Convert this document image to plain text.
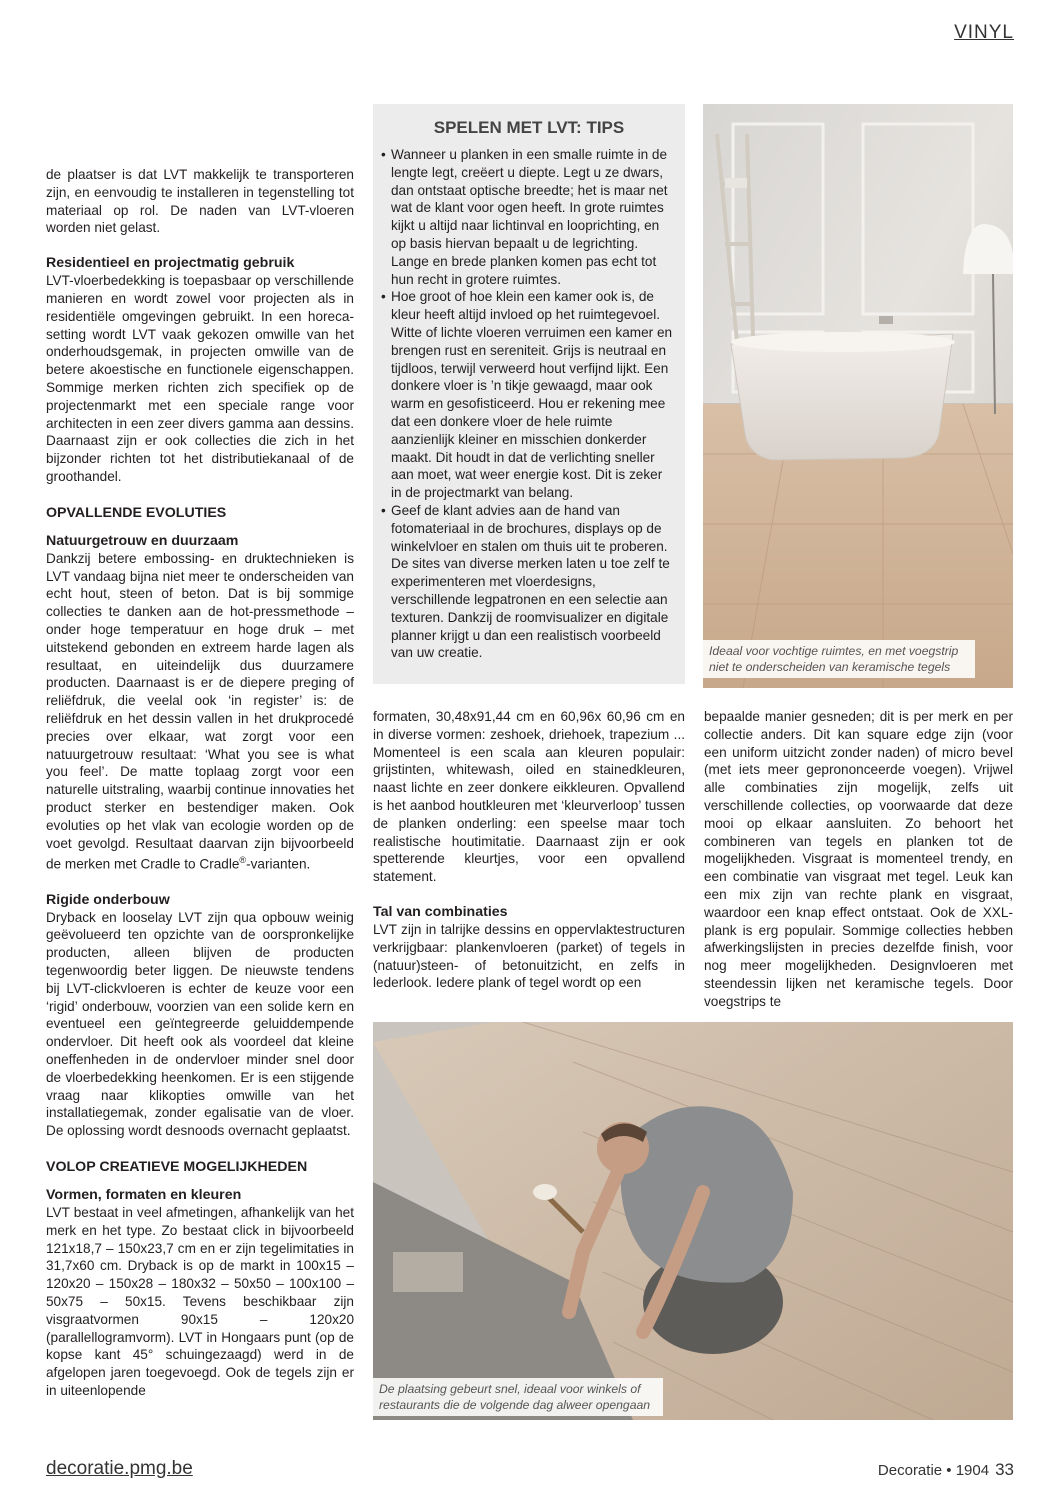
VINYL

de plaatser is dat LVT makkelijk te transporteren zijn, en eenvoudig te installeren in tegenstelling tot materiaal op rol. De naden van LVT-vloeren worden niet gelast.

Residentieel en projectmatig gebruik

LVT-vloerbedekking is toepasbaar op verschillende manieren en wordt zowel voor projecten als in residentiële omgevingen gebruikt. In een horeca-setting wordt LVT vaak gekozen omwille van het onderhoudsgemak, in projecten omwille van de betere akoestische en functionele eigenschappen. Sommige merken richten zich specifiek op de projectenmarkt met een speciale range voor architecten in een zeer divers gamma aan dessins. Daarnaast zijn er ook collecties die zich in het bijzonder richten tot het distributiekanaal of de groothandel.

OPVALLENDE EVOLUTIES
Natuurgetrouw en duurzaam

Dankzij betere embossing- en druktechnieken is LVT vandaag bijna niet meer te onderscheiden van echt hout, steen of beton. Dat is bij sommige collecties te danken aan de hot-pressmethode – onder hoge temperatuur en hoge druk – met uitstekend gebonden en extreem harde lagen als resultaat, en uiteindelijk dus duurzamere producten. Daarnaast is er de diepere preging of reliëfdruk, die veelal ook ‘in register’ is: de reliëfdruk en het dessin vallen in het drukprocedé precies over elkaar, wat zorgt voor een natuurgetrouw resultaat: ‘What you see is what you feel’. De matte toplaag zorgt voor een naturelle uitstraling, waarbij continue innovaties het product sterker en bestendiger maken. Ook evoluties op het vlak van ecologie worden op de voet gevolgd. Resultaat daarvan zijn bijvoorbeeld de merken met Cradle to Cradle®-varianten.

Rigide onderbouw

Dryback en looselay LVT zijn qua opbouw weinig geëvolueerd ten opzichte van de oorspronkelijke producten, alleen blijven de producten tegenwoordig beter liggen. De nieuwste tendens bij LVT-clickvloeren is echter de keuze voor een ‘rigid’ onderbouw, voorzien van een solide kern en eventueel een geïntegreerde geluiddempende ondervloer. Dit heeft ook als voordeel dat kleine oneffenheden in de ondervloer minder snel door de vloerbedekking heenkomen. Er is een stijgende vraag naar klikopties omwille van het installatiegemak, zonder egalisatie van de vloer. De oplossing wordt desnoods overnacht geplaatst.

VOLOP CREATIEVE MOGELIJKHEDEN
Vormen, formaten en kleuren

LVT bestaat in veel afmetingen, afhankelijk van het merk en het type. Zo bestaat click in bijvoorbeeld 121x18,7 – 150x23,7 cm en er zijn tegelimitaties in 31,7x60 cm. Dryback is op de markt in 100x15 – 120x20 – 150x28 – 180x32 – 50x50 – 100x100 – 50x75 – 50x15. Tevens beschikbaar zijn visgraatvormen 90x15 – 120x20 (parallellogramvorm). LVT in Hongaars punt (op de kopse kant 45° schuingezaagd) werd in de afgelopen jaren toegevoegd. Ook de tegels zijn er in uiteenlopende

SPELEN MET LVT: TIPS
• Wanneer u planken in een smalle ruimte in de lengte legt, creëert u diepte. Legt u ze dwars, dan ontstaat optische breedte; het is maar net wat de klant voor ogen heeft. In grote ruimtes kijkt u altijd naar lichtinval en looprichting, en op basis hiervan bepaalt u de legrichting. Lange en brede planken komen pas echt tot hun recht in grotere ruimtes.
• Hoe groot of hoe klein een kamer ook is, de kleur heeft altijd invloed op het ruimtegevoel. Witte of lichte vloeren verruimen een kamer en brengen rust en sereniteit. Grijs is neutraal en tijdloos, terwijl verweerd hout verfijnd lijkt. Een donkere vloer is ’n tikje gewaagd, maar ook warm en gesofisticeerd. Hou er rekening mee dat een donkere vloer de hele ruimte aanzienlijk kleiner en misschien donkerder maakt. Dit houdt in dat de verlichting sneller aan moet, wat weer energie kost. Dit is zeker in de projectmarkt van belang.
• Geef de klant advies aan de hand van fotomateriaal in de brochures, displays op de winkelvloer en stalen om thuis uit te proberen. De sites van diverse merken laten u toe zelf te experimenteren met vloerdesigns, verschillende legpatronen en een selectie aan texturen. Dankzij de roomvisualizer en digitale planner krijgt u dan een realistisch voorbeeld van uw creatie.	Ideaal voor vochtige ruimtes, en met voegstrip niet te onderscheiden van keramische tegels

formaten, 30,48x91,44 cm en 60,96x 60,96 cm en in diverse vormen: zeshoek, driehoek, trapezium ... Momenteel is een scala aan kleuren populair: grijstinten, whitewash, oiled en stainedkleuren, naast lichte en zeer donkere eikkleuren. Opvallend is het aanbod houtkleuren met ‘kleurverloop’ tussen de planken onderling: een speelse maar toch realistische houtimitatie. Daarnaast zijn er ook spetterende kleurtjes, voor een opvallend statement.

Tal van combinaties

LVT zijn in talrijke dessins en oppervlaktestructuren verkrijgbaar: plankenvloeren (parket) of tegels in (natuur)steen- of betonuitzicht, en zelfs in lederlook. Iedere plank of tegel wordt op een

bepaalde manier gesneden; dit is per merk en per collectie anders. Dit kan square edge zijn (voor een uniform uitzicht zonder naden) of micro bevel (met iets meer geprononceerde voegen). Vrijwel alle combinaties zijn mogelijk, zelfs uit verschillende collecties, op voorwaarde dat deze mooi op elkaar aansluiten. Zo behoort het combineren van tegels en planken tot de mogelijkheden. Visgraat is momenteel trendy, en een combinatie van visgraat met tegel. Leuk kan een mix zijn van rechte plank en visgraat, waardoor een knap effect ontstaat. Ook de XXL-plank is erg populair. Sommige collecties hebben afwerkingslijsten in precies dezelfde finish, voor nog meer mogelijkheden. Designvloeren met steendessin lijken net keramische tegels. Door voegstrips te

De plaatsing gebeurt snel, ideaal voor winkels of restaurants die de volgende dag alweer opengaan
decoratie.pmg.be	Decoratie • 1904 33
